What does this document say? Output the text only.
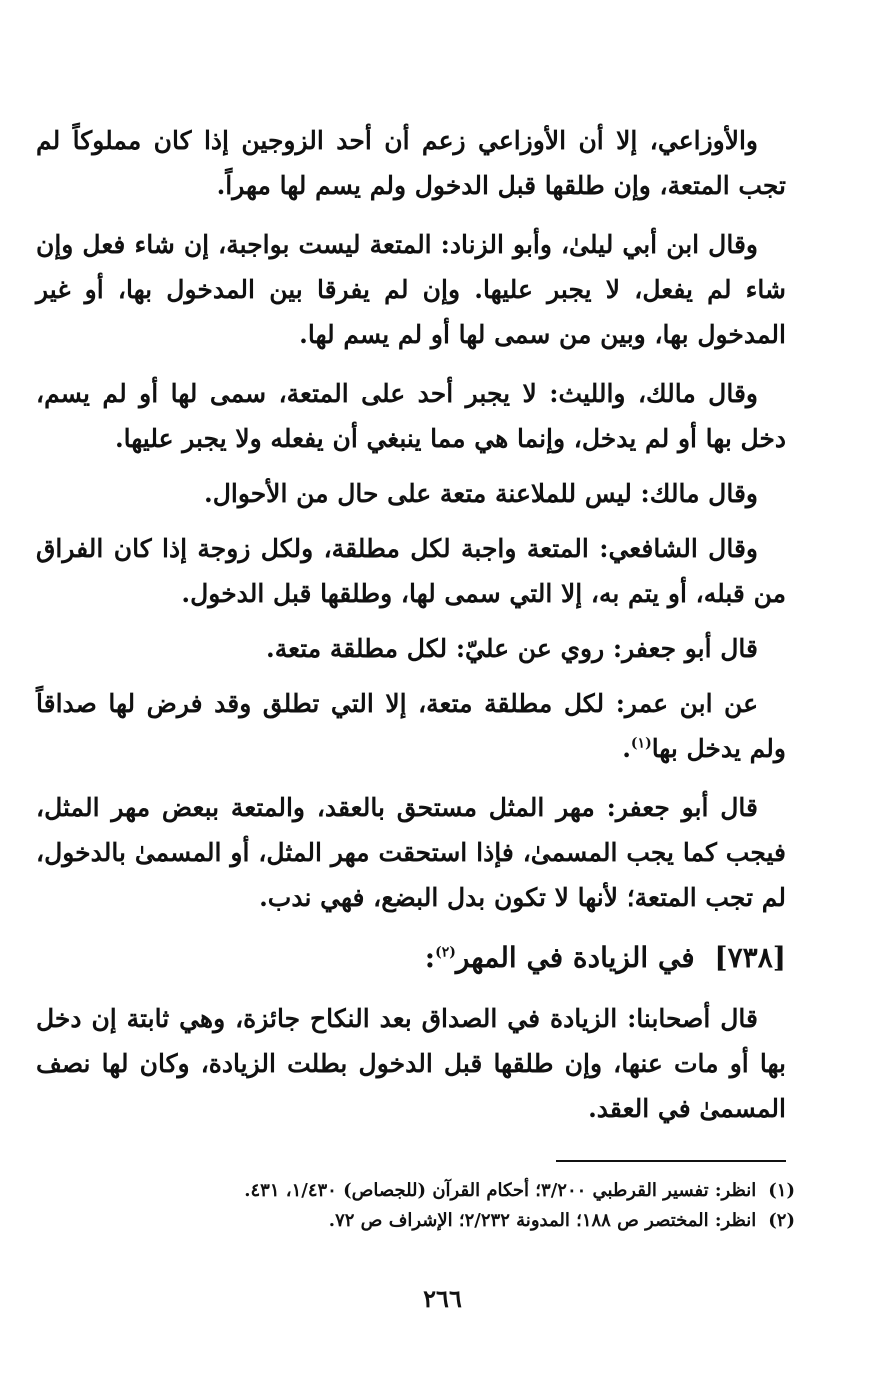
والأوزاعي، إلا أن الأوزاعي زعم أن أحد الزوجين إذا كان مملوكاً لم تجب المتعة، وإن طلقها قبل الدخول ولم يسم لها مهراً.

وقال ابن أبي ليلىٰ، وأبو الزناد: المتعة ليست بواجبة، إن شاء فعل وإن شاء لم يفعل، لا يجبر عليها. وإن لم يفرقا بين المدخول بها، أو غير المدخول بها، وبين من سمى لها أو لم يسم لها.

وقال مالك، والليث: لا يجبر أحد على المتعة، سمى لها أو لم يسم، دخل بها أو لم يدخل، وإنما هي مما ينبغي أن يفعله ولا يجبر عليها.

وقال مالك: ليس للملاعنة متعة على حال من الأحوال.

وقال الشافعي: المتعة واجبة لكل مطلقة، ولكل زوجة إذا كان الفراق من قبله، أو يتم به، إلا التي سمى لها، وطلقها قبل الدخول.

قال أبو جعفر: روي عن عليّ: لكل مطلقة متعة.

عن ابن عمر: لكل مطلقة متعة، إلا التي تطلق وقد فرض لها صداقاً ولم يدخل بها$^{(١)}$.

قال أبو جعفر: مهر المثل مستحق بالعقد، والمتعة ببعض مهر المثل، فيجب كما يجب المسمىٰ، فإذا استحقت مهر المثل، أو المسمىٰ بالدخول، لم تجب المتعة؛ لأنها لا تكون بدل البضع، فهي ندب.

[٧٣٨] في الزيادة في المهر$^{(٢)}$:

قال أصحابنا: الزيادة في الصداق بعد النكاح جائزة، وهي ثابتة إن دخل بها أو مات عنها، وإن طلقها قبل الدخول بطلت الزيادة، وكان لها نصف المسمىٰ في العقد.

(١)انظر: تفسير القرطبي ٣/٢٠٠؛ أحكام القرآن (للجصاص) ١/٤٣٠، ٤٣١.
(٢)انظر: المختصر ص ١٨٨؛ المدونة ٢/٢٣٢؛ الإشراف ص ٧٢.
٢٦٦
